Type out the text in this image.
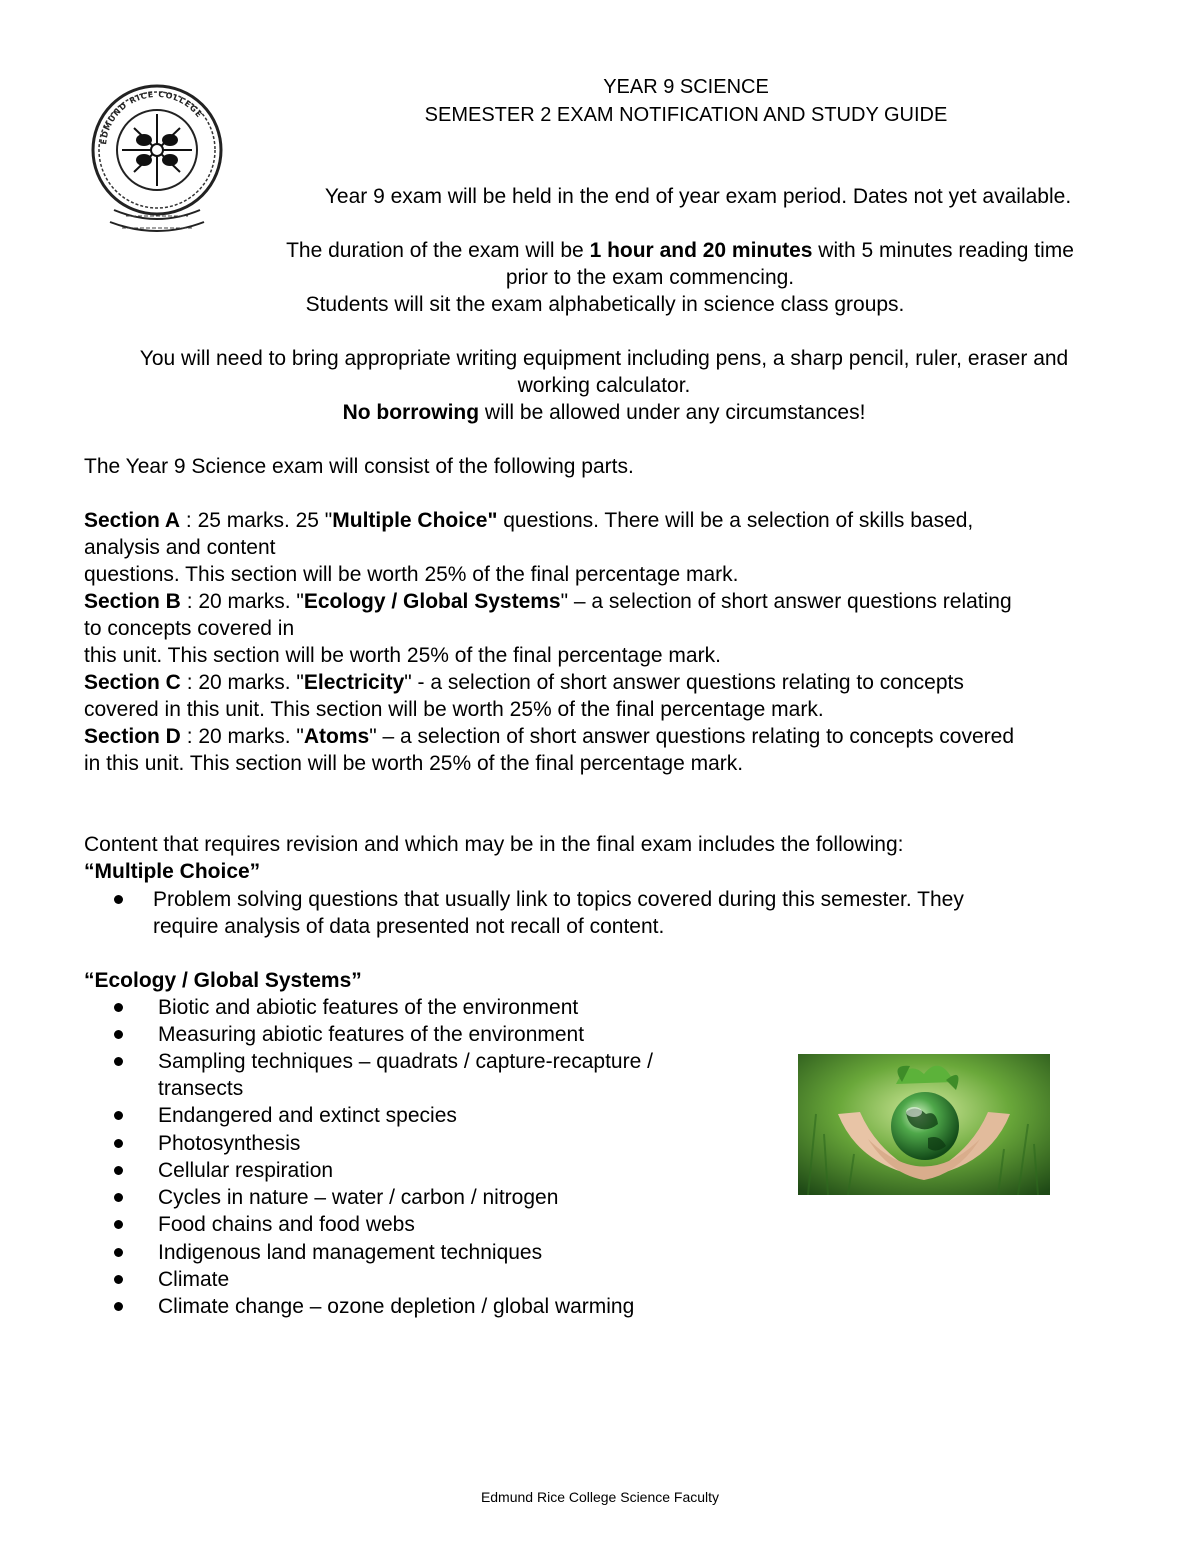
EDMUND RICE COLLEGE
YEAR 9 SCIENCE
SEMESTER 2 EXAM NOTIFICATION AND STUDY GUIDE
Year 9 exam will be held in the end of year exam period. Dates not yet available.
The duration of the exam will be 1 hour and 20 minutes with 5 minutes reading time
prior to the exam commencing.
Students will sit the exam alphabetically in science class groups.
You will need to bring appropriate writing equipment including pens, a sharp pencil, ruler, eraser and
working calculator.
No borrowing will be allowed under any circumstances!
The Year 9 Science exam will consist of the following parts.
Section A : 25 marks. 25 "Multiple Choice" questions. There will be a selection of skills based,
analysis and content
questions. This section will be worth 25% of the final percentage mark.
Section B : 20 marks. "Ecology / Global Systems" – a selection of short answer questions relating
to concepts covered in
this unit. This section will be worth 25% of the final percentage mark.
Section C : 20 marks. "Electricity" - a selection of short answer questions relating to concepts
covered in this unit. This section will be worth 25% of the final percentage mark.
Section D : 20 marks. "Atoms" – a selection of short answer questions relating to concepts covered
in this unit. This section will be worth 25% of the final percentage mark.
Content that requires revision and which may be in the final exam includes the following:
“Multiple Choice”
Problem solving questions that usually link to topics covered during this semester. They
require analysis of data presented not recall of content.
“Ecology / Global Systems”
Biotic and abiotic features of the environment
Measuring abiotic features of the environment
Sampling techniques – quadrats / capture-recapture /
transects
Endangered and extinct species
Photosynthesis
Cellular respiration
Cycles in nature – water / carbon / nitrogen
Food chains and food webs
Indigenous land management techniques
Climate
Climate change – ozone depletion / global warming
Edmund Rice College Science Faculty
